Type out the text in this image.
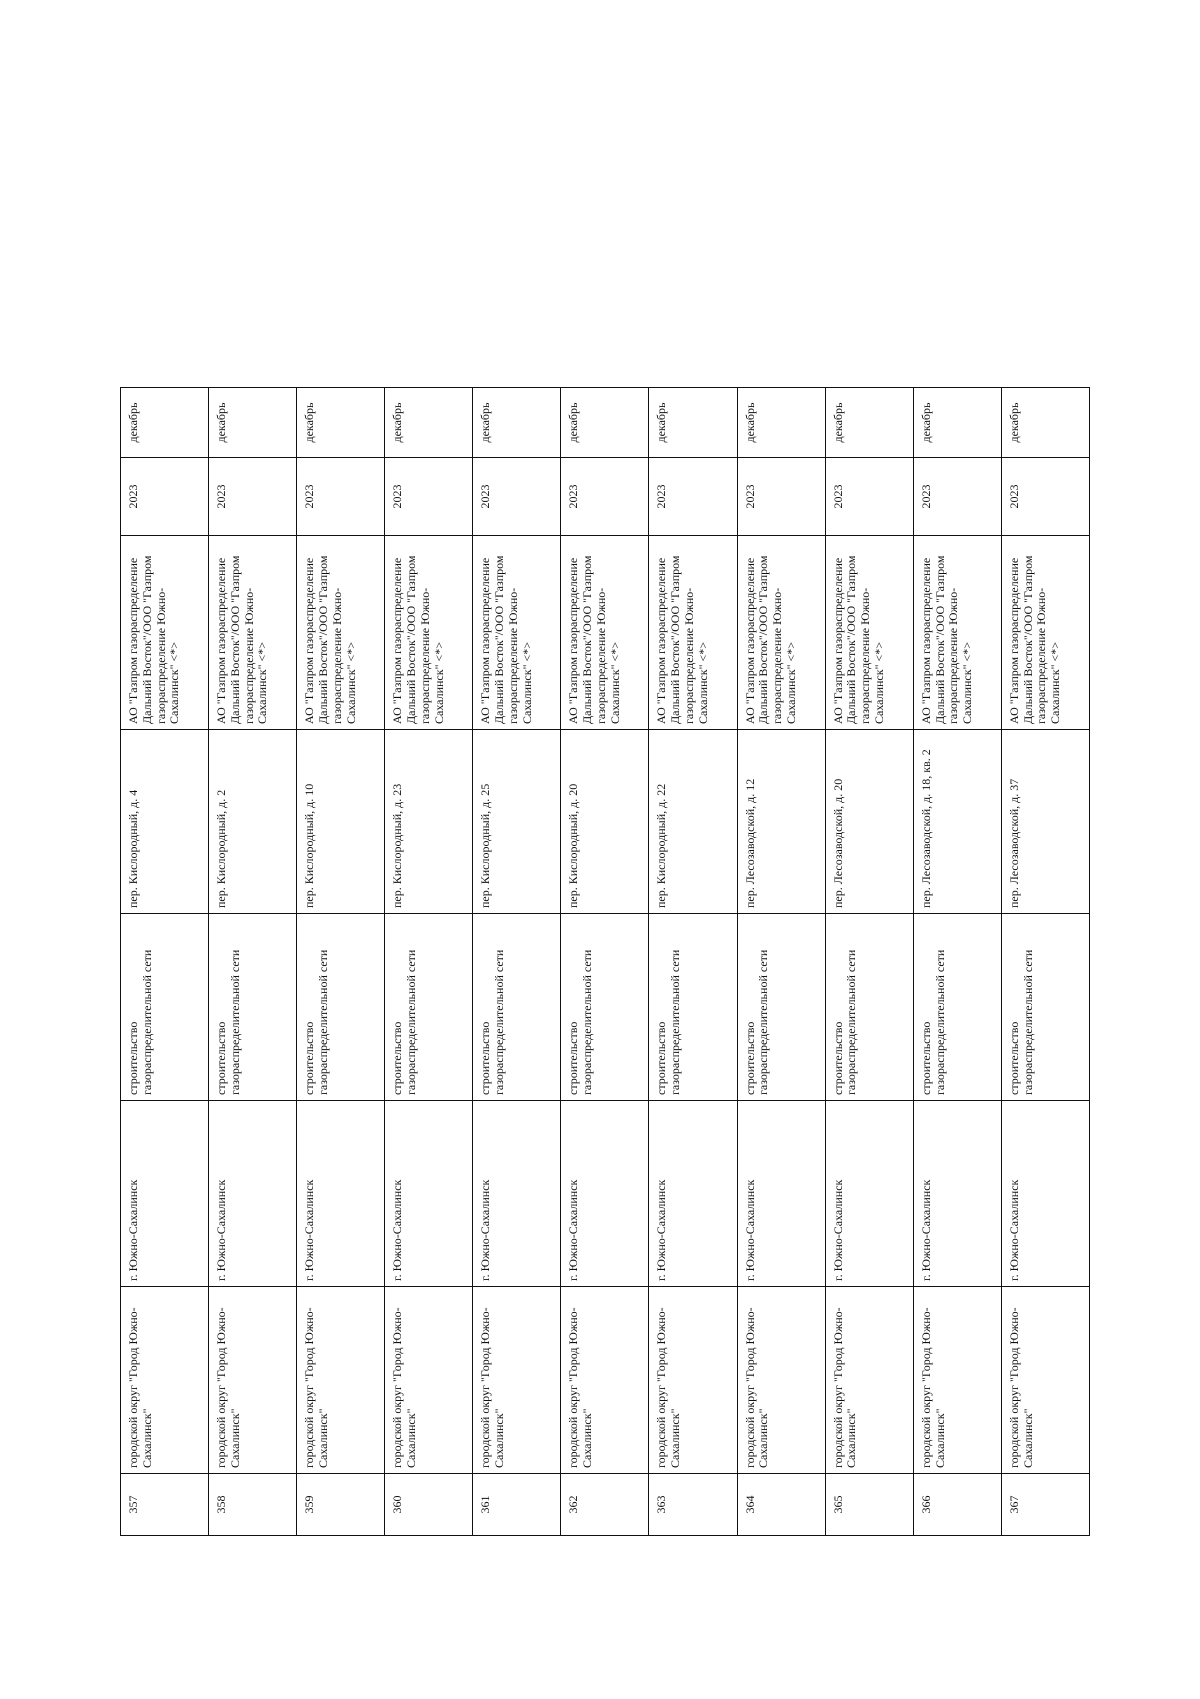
357	городской округ "Город Южно-Сахалинск"	г. Южно-Сахалинск	строительство газораспределительной сети	пер. Кислородный, д. 4	АО "Газпром газораспределение Дальний Восток"/ООО "Газпром газораспределение Южно-Сахалинск" <*>	2023	декабрь
358	городской округ "Город Южно-Сахалинск"	г. Южно-Сахалинск	строительство газораспределительной сети	пер. Кислородный, д. 2	АО "Газпром газораспределение Дальний Восток"/ООО "Газпром газораспределение Южно-Сахалинск" <*>	2023	декабрь
359	городской округ "Город Южно-Сахалинск"	г. Южно-Сахалинск	строительство газораспределительной сети	пер. Кислородный, д. 10	АО "Газпром газораспределение Дальний Восток"/ООО "Газпром газораспределение Южно-Сахалинск" <*>	2023	декабрь
360	городской округ "Город Южно-Сахалинск"	г. Южно-Сахалинск	строительство газораспределительной сети	пер. Кислородный, д. 23	АО "Газпром газораспределение Дальний Восток"/ООО "Газпром газораспределение Южно-Сахалинск" <*>	2023	декабрь
361	городской округ "Город Южно-Сахалинск"	г. Южно-Сахалинск	строительство газораспределительной сети	пер. Кислородный, д. 25	АО "Газпром газораспределение Дальний Восток"/ООО "Газпром газораспределение Южно-Сахалинск" <*>	2023	декабрь
362	городской округ "Город Южно-Сахалинск"	г. Южно-Сахалинск	строительство газораспределительной сети	пер. Кислородный, д. 20	АО "Газпром газораспределение Дальний Восток"/ООО "Газпром газораспределение Южно-Сахалинск" <*>	2023	декабрь
363	городской округ "Город Южно-Сахалинск"	г. Южно-Сахалинск	строительство газораспределительной сети	пер. Кислородный, д. 22	АО "Газпром газораспределение Дальний Восток"/ООО "Газпром газораспределение Южно-Сахалинск" <*>	2023	декабрь
364	городской округ "Город Южно-Сахалинск"	г. Южно-Сахалинск	строительство газораспределительной сети	пер. Лесозаводской, д. 12	АО "Газпром газораспределение Дальний Восток"/ООО "Газпром газораспределение Южно-Сахалинск" <*>	2023	декабрь
365	городской округ "Город Южно-Сахалинск"	г. Южно-Сахалинск	строительство газораспределительной сети	пер. Лесозаводской, д. 20	АО "Газпром газораспределение Дальний Восток"/ООО "Газпром газораспределение Южно-Сахалинск" <*>	2023	декабрь
366	городской округ "Город Южно-Сахалинск"	г. Южно-Сахалинск	строительство газораспределительной сети	пер. Лесозаводской, д. 18, кв. 2	АО "Газпром газораспределение Дальний Восток"/ООО "Газпром газораспределение Южно-Сахалинск" <*>	2023	декабрь
367	городской округ "Город Южно-Сахалинск"	г. Южно-Сахалинск	строительство газораспределительной сети	пер. Лесозаводской, д. 37	АО "Газпром газораспределение Дальний Восток"/ООО "Газпром газораспределение Южно-Сахалинск" <*>	2023	декабрь
